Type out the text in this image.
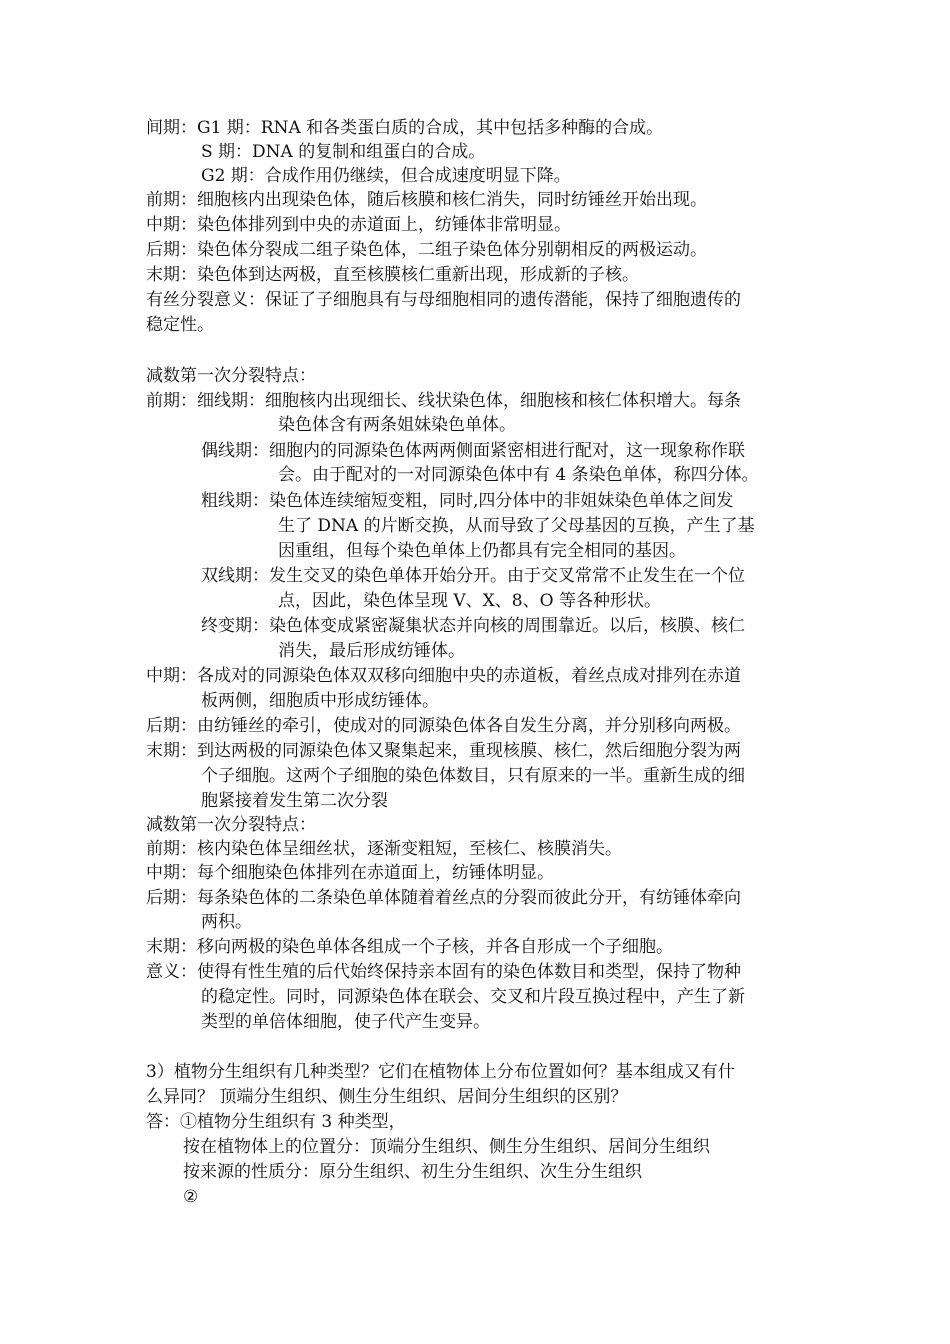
间期：G1 期：RNA 和各类蛋白质的合成，其中包括多种酶的合成。
S 期：DNA 的复制和组蛋白的合成。
G2 期：合成作用仍继续，但合成速度明显下降。
前期：细胞核内出现染色体，随后核膜和核仁消失，同时纺锤丝开始出现。
中期：染色体排列到中央的赤道面上，纺锤体非常明显。
后期：染色体分裂成二组子染色体，二组子染色体分别朝相反的两极运动。
末期：染色体到达两极，直至核膜核仁重新出现，形成新的子核。
有丝分裂意义：保证了子细胞具有与母细胞相同的遗传潜能，保持了细胞遗传的
稳定性。
减数第一次分裂特点：
前期：细线期：细胞核内出现细长、线状染色体，细胞核和核仁体积增大。每条
染色体含有两条姐妹染色单体。
偶线期：细胞内的同源染色体两两侧面紧密相进行配对，这一现象称作联
会。由于配对的一对同源染色体中有 4 条染色单体，称四分体。
粗线期：染色体连续缩短变粗，同时,四分体中的非姐妹染色单体之间发
生了 DNA 的片断交换，从而导致了父母基因的互换，产生了基
因重组，但每个染色单体上仍都具有完全相同的基因。
双线期：发生交叉的染色单体开始分开。由于交叉常常不止发生在一个位
点，因此，染色体呈现 V、X、8、O 等各种形状。
终变期：染色体变成紧密凝集状态并向核的周围靠近。以后，核膜、核仁
消失，最后形成纺锤体。
中期：各成对的同源染色体双双移向细胞中央的赤道板，着丝点成对排列在赤道
板两侧，细胞质中形成纺锤体。
后期：由纺锤丝的牵引，使成对的同源染色体各自发生分离，并分别移向两极。
末期：到达两极的同源染色体又聚集起来，重现核膜、核仁，然后细胞分裂为两
个子细胞。这两个子细胞的染色体数目，只有原来的一半。重新生成的细
胞紧接着发生第二次分裂
减数第一次分裂特点：
前期：核内染色体呈细丝状，逐渐变粗短，至核仁、核膜消失。
中期：每个细胞染色体排列在赤道面上，纺锤体明显。
后期：每条染色体的二条染色单体随着着丝点的分裂而彼此分开，有纺锤体牵向
两积。
末期：移向两极的染色单体各组成一个子核，并各自形成一个子细胞。
意义：使得有性生殖的后代始终保持亲本固有的染色体数目和类型，保持了物种
的稳定性。同时，同源染色体在联会、交叉和片段互换过程中，产生了新
类型的单倍体细胞，使子代产生变异。
3）植物分生组织有几种类型？它们在植物体上分布位置如何？基本组成又有什
么异同？ 顶端分生组织、侧生分生组织、居间分生组织的区别？
答：①植物分生组织有 3 种类型，
按在植物体上的位置分：顶端分生组织、侧生分生组织、居间分生组织
按来源的性质分：原分生组织、初生分生组织、次生分生组织
②
